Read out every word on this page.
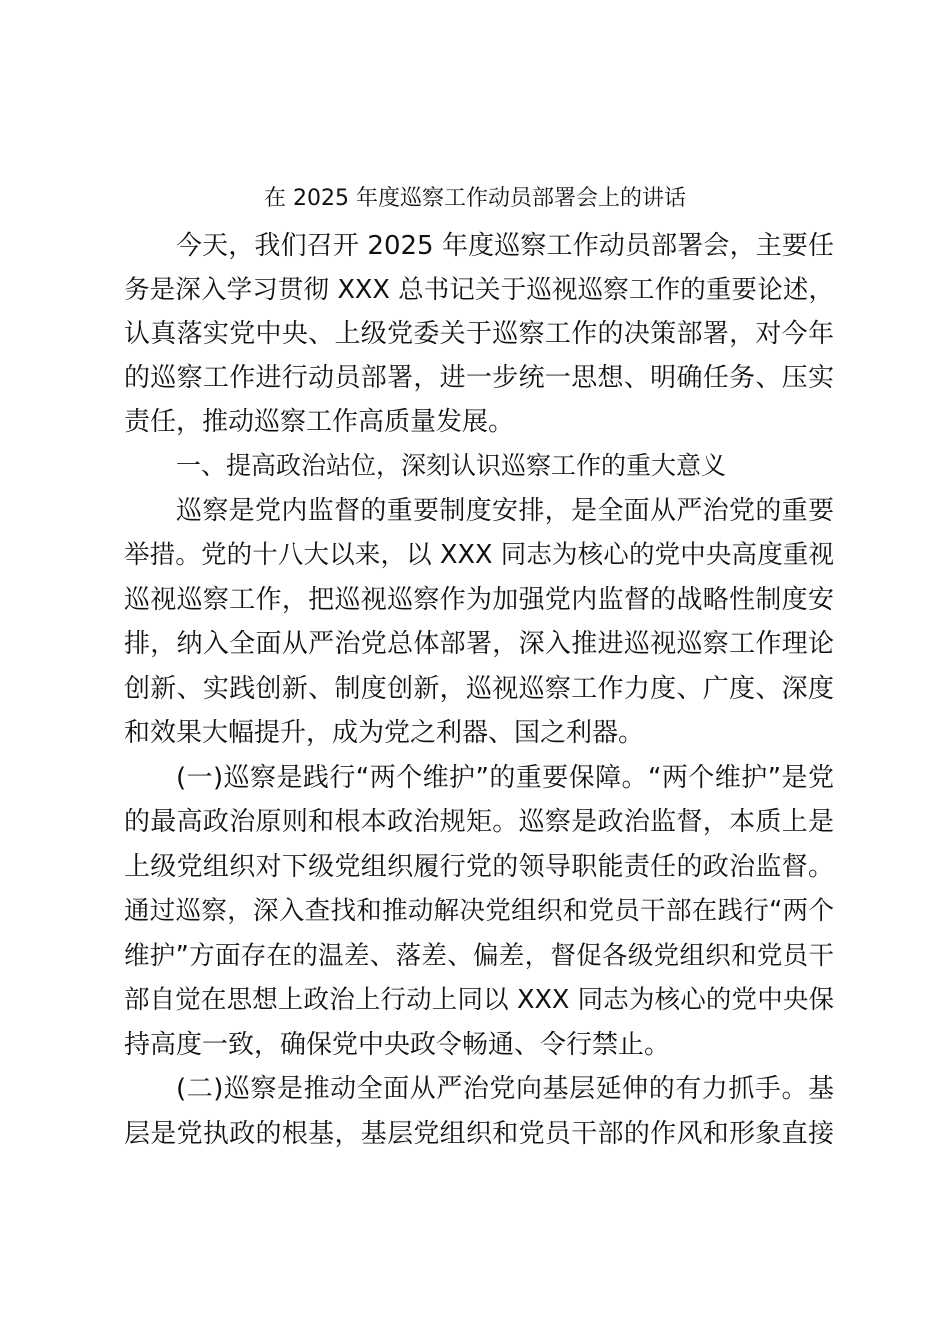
在 2025 年度巡察工作动员部署会上的讲话
今天，我们召开 2025 年度巡察工作动员部署会，主要任
务是深入学习贯彻 XXX 总书记关于巡视巡察工作的重要论述，
认真落实党中央、上级党委关于巡察工作的决策部署，对今年
的巡察工作进行动员部署，进一步统一思想、明确任务、压实
责任，推动巡察工作高质量发展。
一、提高政治站位，深刻认识巡察工作的重大意义
巡察是党内监督的重要制度安排，是全面从严治党的重要
举措。党的十八大以来，以 XXX 同志为核心的党中央高度重视
巡视巡察工作，把巡视巡察作为加强党内监督的战略性制度安
排，纳入全面从严治党总体部署，深入推进巡视巡察工作理论
创新、实践创新、制度创新，巡视巡察工作力度、广度、深度
和效果大幅提升，成为党之利器、国之利器。
(一)巡察是践行“两个维护”的重要保障。“两个维护”是党
的最高政治原则和根本政治规矩。巡察是政治监督，本质上是
上级党组织对下级党组织履行党的领导职能责任的政治监督。
通过巡察，深入查找和推动解决党组织和党员干部在践行“两个
维护”方面存在的温差、落差、偏差，督促各级党组织和党员干
部自觉在思想上政治上行动上同以 XXX 同志为核心的党中央保
持高度一致，确保党中央政令畅通、令行禁止。
(二)巡察是推动全面从严治党向基层延伸的有力抓手。基
层是党执政的根基，基层党组织和党员干部的作风和形象直接
